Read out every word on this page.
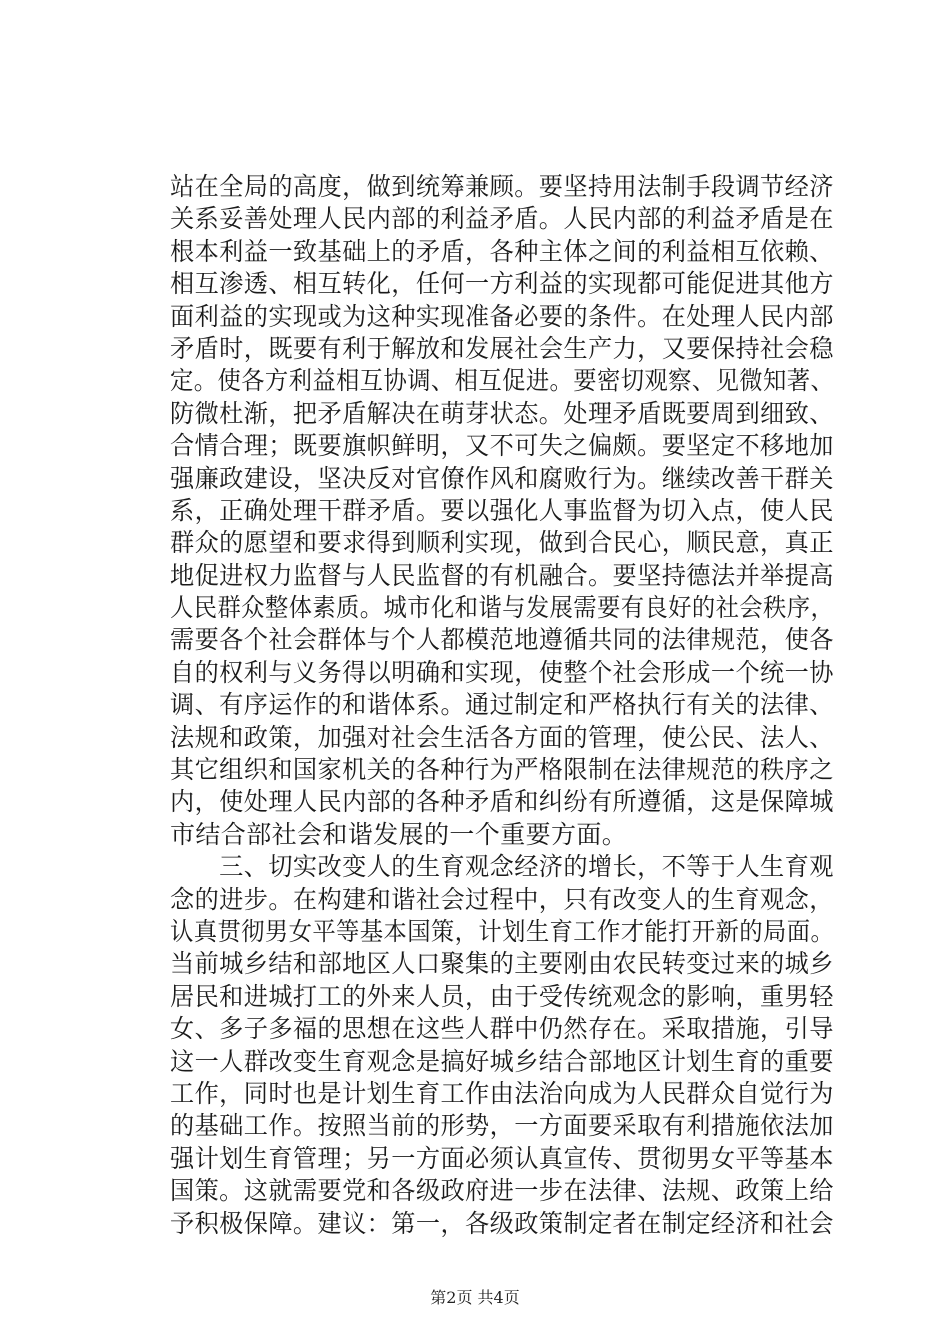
站在全局的高度，做到统筹兼顾。要坚持用法制手段调节经济
关系妥善处理人民内部的利益矛盾。人民内部的利益矛盾是在
根本利益一致基础上的矛盾，各种主体之间的利益相互依赖、
相互渗透、相互转化，任何一方利益的实现都可能促进其他方
面利益的实现或为这种实现准备必要的条件。在处理人民内部
矛盾时，既要有利于解放和发展社会生产力，又要保持社会稳
定。使各方利益相互协调、相互促进。要密切观察、见微知著、
防微杜渐，把矛盾解决在萌芽状态。处理矛盾既要周到细致、
合情合理；既要旗帜鲜明，又不可失之偏颇。要坚定不移地加
强廉政建设，坚决反对官僚作风和腐败行为。继续改善干群关
系，正确处理干群矛盾。要以强化人事监督为切入点，使人民
群众的愿望和要求得到顺利实现，做到合民心，顺民意，真正
地促进权力监督与人民监督的有机融合。要坚持德法并举提高
人民群众整体素质。城市化和谐与发展需要有良好的社会秩序，
需要各个社会群体与个人都模范地遵循共同的法律规范，使各
自的权利与义务得以明确和实现，使整个社会形成一个统一协
调、有序运作的和谐体系。通过制定和严格执行有关的法律、
法规和政策，加强对社会生活各方面的管理，使公民、法人、
其它组织和国家机关的各种行为严格限制在法律规范的秩序之
内，使处理人民内部的各种矛盾和纠纷有所遵循，这是保障城
市结合部社会和谐发展的一个重要方面。
　　三、切实改变人的生育观念经济的增长，不等于人生育观
念的进步。在构建和谐社会过程中，只有改变人的生育观念，
认真贯彻男女平等基本国策，计划生育工作才能打开新的局面。
当前城乡结和部地区人口聚集的主要刚由农民转变过来的城乡
居民和进城打工的外来人员，由于受传统观念的影响，重男轻
女、多子多福的思想在这些人群中仍然存在。采取措施，引导
这一人群改变生育观念是搞好城乡结合部地区计划生育的重要
工作，同时也是计划生育工作由法治向成为人民群众自觉行为
的基础工作。按照当前的形势，一方面要采取有利措施依法加
强计划生育管理；另一方面必须认真宣传、贯彻男女平等基本
国策。这就需要党和各级政府进一步在法律、法规、政策上给
予积极保障。建议：第一，各级政策制定者在制定经济和社会
第2页 共4页
